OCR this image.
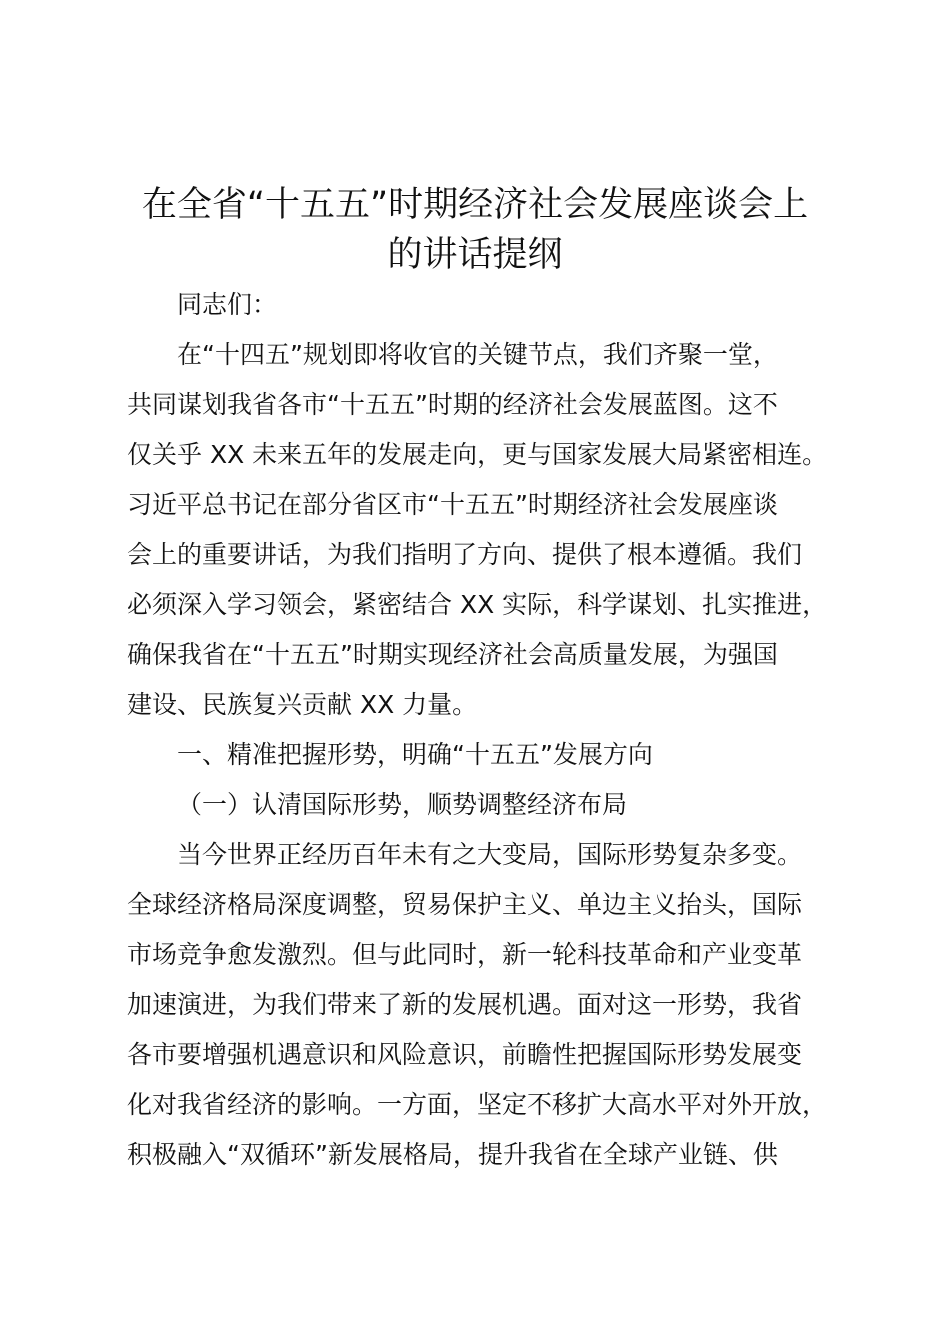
在全省“十五五”时期经济社会发展座谈会上
的讲话提纲
同志们：
在“十四五”规划即将收官的关键节点，我们齐聚一堂，
共同谋划我省各市“十五五”时期的经济社会发展蓝图。这不
仅关乎 XX 未来五年的发展走向，更与国家发展大局紧密相连。
习近平总书记在部分省区市“十五五”时期经济社会发展座谈
会上的重要讲话，为我们指明了方向、提供了根本遵循。我们
必须深入学习领会，紧密结合 XX 实际，科学谋划、扎实推进，
确保我省在“十五五”时期实现经济社会高质量发展，为强国
建设、民族复兴贡献 XX 力量。
一、精准把握形势，明确“十五五”发展方向
（一）认清国际形势，顺势调整经济布局
当今世界正经历百年未有之大变局，国际形势复杂多变。
全球经济格局深度调整，贸易保护主义、单边主义抬头，国际
市场竞争愈发激烈。但与此同时，新一轮科技革命和产业变革
加速演进，为我们带来了新的发展机遇。面对这一形势，我省
各市要增强机遇意识和风险意识，前瞻性把握国际形势发展变
化对我省经济的影响。一方面，坚定不移扩大高水平对外开放，
积极融入“双循环”新发展格局，提升我省在全球产业链、供
